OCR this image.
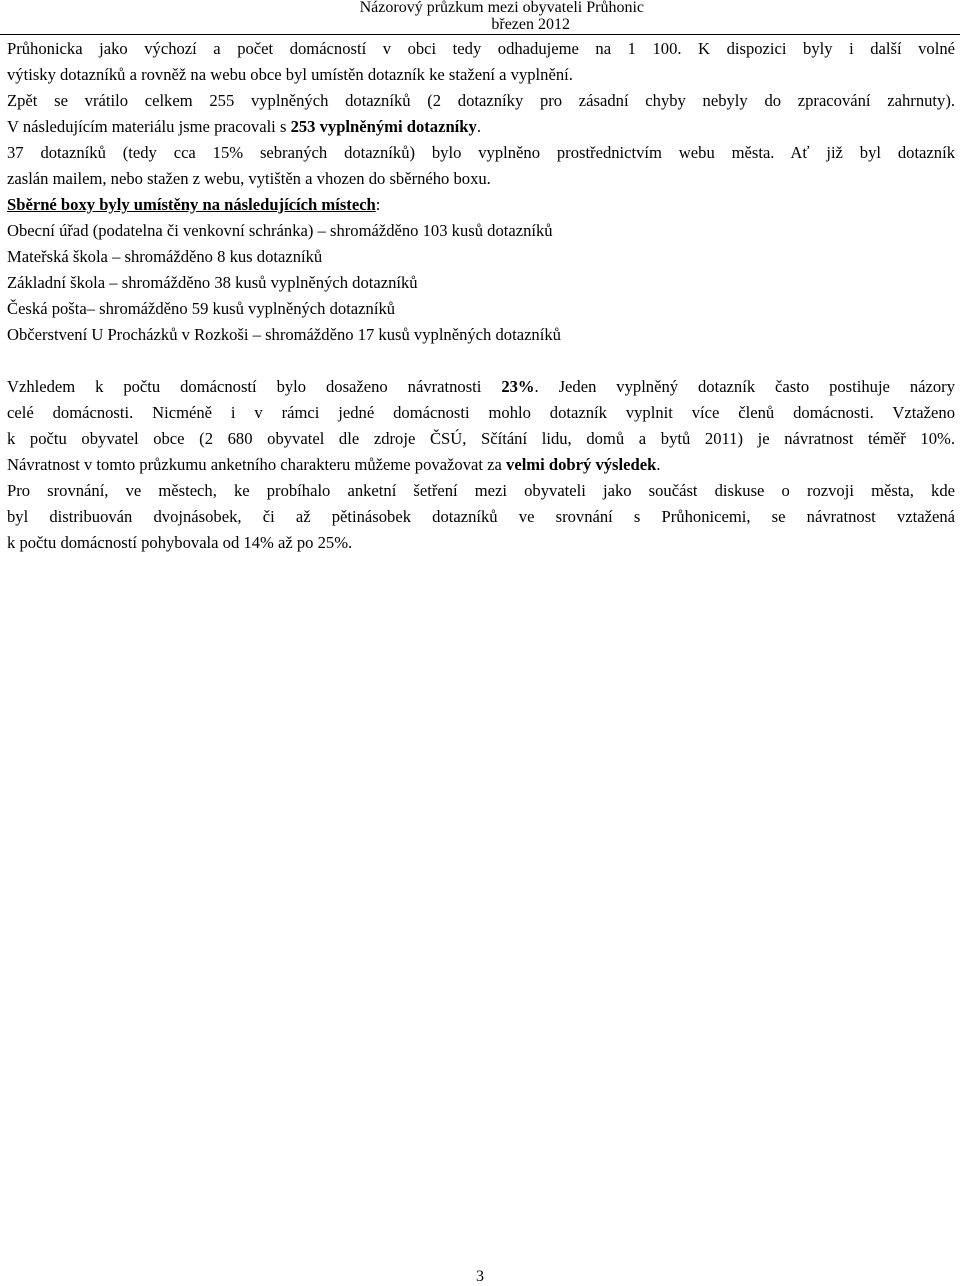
Názorový průzkum mezi obyvateli Průhonic
březen 2012

Průhonicka jako výchozí a počet domácností v obci tedy odhadujeme na 1 100. K dispozici byly i další volné

výtisky dotazníků a rovněž na webu obce byl umístěn dotazník ke stažení a vyplnění.

Zpět se vrátilo celkem 255 vyplněných dotazníků (2 dotazníky pro zásadní chyby nebyly do zpracování zahrnuty).

V následujícím materiálu jsme pracovali s 253 vyplněnými dotazníky.

37 dotazníků (tedy cca 15% sebraných dotazníků) bylo vyplněno prostřednictvím webu města. Ať již byl dotazník

zaslán mailem, nebo stažen z webu, vytištěn a vhozen do sběrného boxu.

Sběrné boxy byly umístěny na následujících místech:

Obecní úřad (podatelna či venkovní schránka) – shromážděno 103 kusů dotazníků

Mateřská škola – shromážděno 8 kus dotazníků

Základní škola – shromážděno 38 kusů vyplněných dotazníků

Česká pošta– shromážděno 59 kusů vyplněných dotazníků

Občerstvení U Procházků v Rozkoši – shromážděno 17 kusů vyplněných dotazníků

Vzhledem k počtu domácností bylo dosaženo návratnosti 23%. Jeden vyplněný dotazník často postihuje názory

celé domácnosti. Nicméně i v rámci jedné domácnosti mohlo dotazník vyplnit více členů domácnosti. Vztaženo

k počtu obyvatel obce (2 680 obyvatel dle zdroje ČSÚ, Sčítání lidu, domů a bytů 2011) je návratnost téměř 10%.

Návratnost v tomto průzkumu anketního charakteru můžeme považovat za velmi dobrý výsledek.

Pro srovnání, ve městech, ke probíhalo anketní šetření mezi obyvateli jako součást diskuse o rozvoji města, kde

byl distribuován dvojnásobek, či až pětinásobek dotazníků ve srovnání s Průhonicemi, se návratnost vztažená

k počtu domácností pohybovala od 14% až po 25%.

3
